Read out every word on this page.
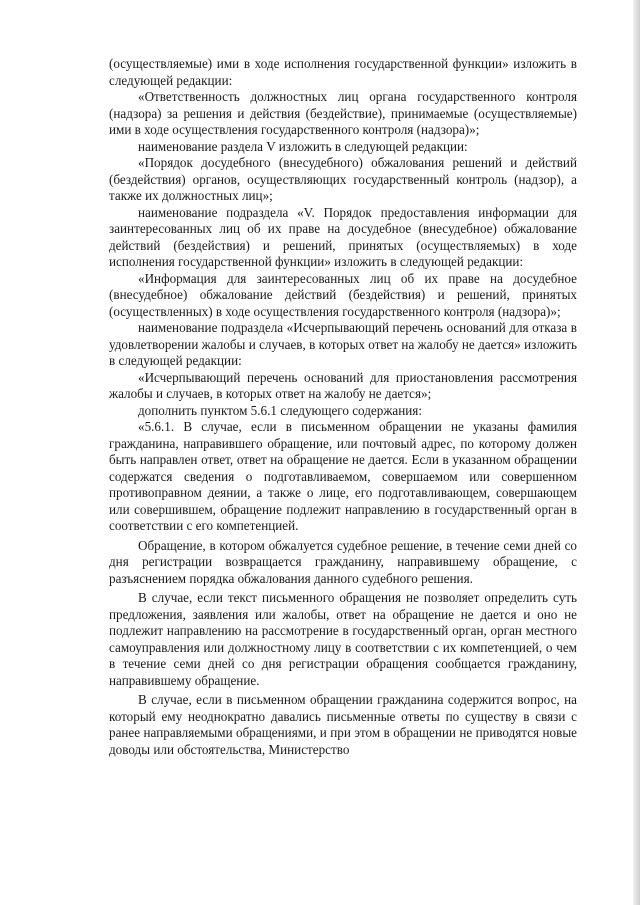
(осуществляемые) ими в ходе исполнения государственной функции» изложить в следующей редакции:

«Ответственность должностных лиц органа государственного контроля (надзора) за решения и действия (бездействие), принимаемые (осуществляемые) ими в ходе осуществления государственного контроля (надзора)»;

наименование раздела V изложить в следующей редакции:

«Порядок досудебного (внесудебного) обжалования решений и действий (бездействия) органов, осуществляющих государственный контроль (надзор), а также их должностных лиц»;

наименование подраздела «V. Порядок предоставления информации для заинтересованных лиц об их праве на досудебное (внесудебное) обжалование действий (бездействия) и решений, принятых (осуществляемых) в ходе исполнения государственной функции» изложить в следующей редакции:

«Информация для заинтересованных лиц об их праве на досудебное (внесудебное) обжалование действий (бездействия) и решений, принятых (осуществленных) в ходе осуществления государственного контроля (надзора)»;

наименование подраздела «Исчерпывающий перечень оснований для отказа в удовлетворении жалобы и случаев, в которых ответ на жалобу не дается» изложить в следующей редакции:

«Исчерпывающий перечень оснований для приостановления рассмотрения жалобы и случаев, в которых ответ на жалобу не дается»;

дополнить пунктом 5.6.1 следующего содержания:

«5.6.1. В случае, если в письменном обращении не указаны фамилия гражданина, направившего обращение, или почтовый адрес, по которому должен быть направлен ответ, ответ на обращение не дается. Если в указанном обращении содержатся сведения о подготавливаемом, совершаемом или совершенном противоправном деянии, а также о лице, его подготавливающем, совершающем или совершившем, обращение подлежит направлению в государственный орган в соответствии с его компетенцией.

Обращение, в котором обжалуется судебное решение, в течение семи дней со дня регистрации возвращается гражданину, направившему обращение, с разъяснением порядка обжалования данного судебного решения.

В случае, если текст письменного обращения не позволяет определить суть предложения, заявления или жалобы, ответ на обращение не дается и оно не подлежит направлению на рассмотрение в государственный орган, орган местного самоуправления или должностному лицу в соответствии с их компетенцией, о чем в течение семи дней со дня регистрации обращения сообщается гражданину, направившему обращение.

В случае, если в письменном обращении гражданина содержится вопрос, на который ему неоднократно давались письменные ответы по существу в связи с ранее направляемыми обращениями, и при этом в обращении не приводятся новые доводы или обстоятельства, Министерство
